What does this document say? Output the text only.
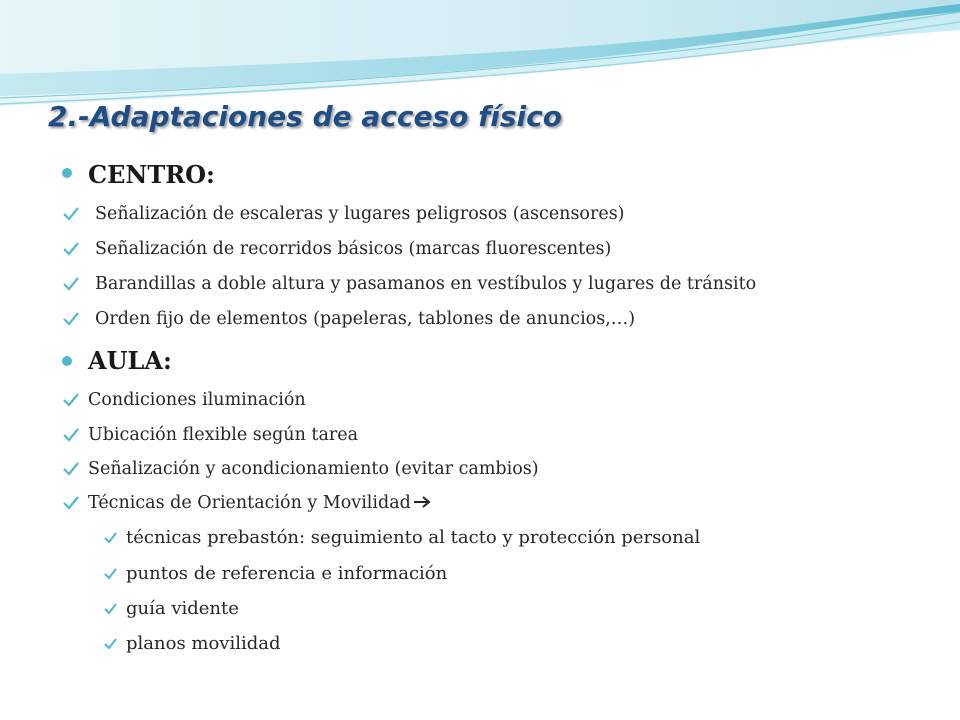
2.-Adaptaciones de acceso físico
CENTRO:
Señalización de escaleras y lugares peligrosos (ascensores)
Señalización de recorridos básicos (marcas fluorescentes)
Barandillas a doble altura y pasamanos en vestíbulos y lugares de tránsito
Orden fijo de elementos (papeleras, tablones de anuncios,…)
AULA:
Condiciones iluminación
Ubicación flexible según tarea
Señalización y acondicionamiento (evitar cambios)
Técnicas de Orientación y Movilidad
técnicas prebastón: seguimiento al tacto y protección personal
puntos de referencia e información
guía vidente
planos movilidad
